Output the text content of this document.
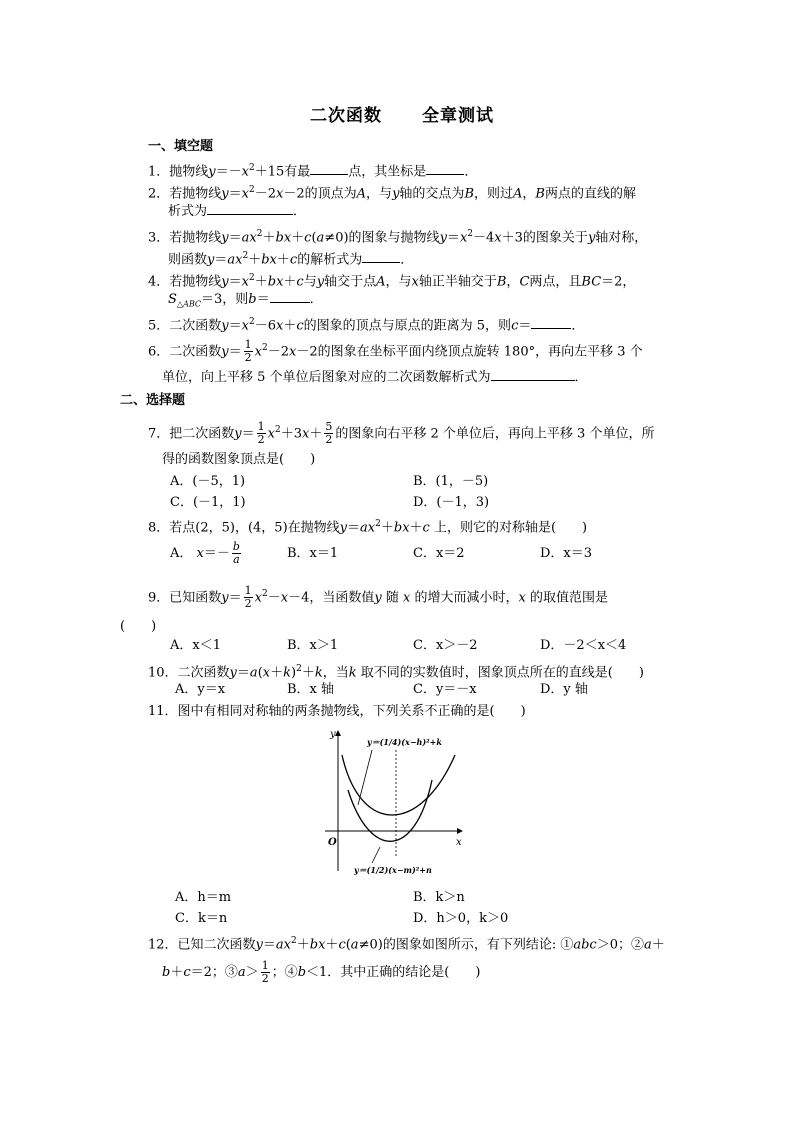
二次函数 全章测试
一、填空题
1．抛物线$y=-x^2+15$有最	点，其坐标是	．
2．若抛物线$y=x^2-2x-2$的顶点为A，与y轴的交点为B，则过A，B两点的直线的解
析式为	．
3．若抛物线$y=ax^2+bx+c(a\ne 0)$的图象与抛物线$y=x^2-4x+3$的图象关于y轴对称，
则函数$y=ax^2+bx+c$的解析式为	．
4．若抛物线$y=x^2+bx+c$与y轴交于点A，与x轴正半轴交于B，C两点，且BC＝2，
$S_{\triangle ABC}=3$，则b＝	．
5．二次函数$y=x^2-6x+c$的图象的顶点与原点的距离为 5，则c＝	．
6．二次函数$y= \frac{1}{2} x^2-2x-2$的图象在坐标平面内绕顶点旋转 180°，再向左平移 3 个
单位，向上平移 5 个单位后图象对应的二次函数解析式为	．
二、选择题
7．把二次函数$y= \frac{1}{2} x^2+3x+ \frac{5}{2}$ 的图象向右平移 2 个单位后，再向上平移 3 个单位，所
得的函数图象顶点是(　　)
A．(－5，1)	B．(1，－5)
C．(－1，1)	D．(－1，3)
8．若点(2，5)，(4，5)在抛物线$y=ax^2+bx+c$ 上，则它的对称轴是(　　)
A． $x=- \frac{b}{a}$	B．x＝1	C．x＝2	D．x＝3
9．已知函数$y= \frac{1}{2} x^2-x-4$，当函数值y 随 x 的增大而减小时，x 的取值范围是
(　　)
A．x＜1	B．x＞1	C．x＞－2	D．－2＜x＜4
10．二次函数$y=a(x+k)^2+k$，当k 取不同的实数值时，图象顶点所在的直线是(　　)
A．y＝x	B．x 轴	C．y＝－x	D．y 轴
11．图中有相同对称轴的两条抛物线，下列关系不正确的是(　　)
y
x
O
y＝(1/4)(x−h)²+k
y＝(1/2)(x−m)²+n
A．h＝m	B．k＞n
C．k＝n	D．h＞0，k＞0
12．已知二次函数$y=ax^2+bx+c(a\ne 0)$的图象如图所示，有下列结论: ①abc＞0；②a＋
b＋c＝2；③a＞ $\frac{1}{2}$ ；④b＜1．其中正确的结论是(　　)
